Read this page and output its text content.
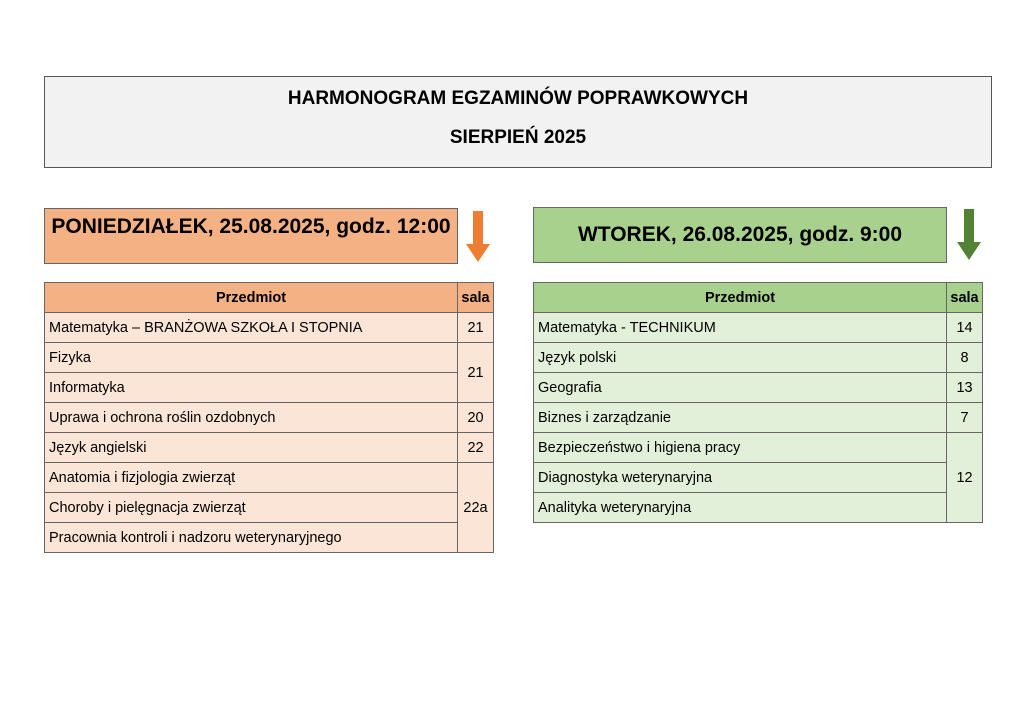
HARMONOGRAM EGZAMINÓW POPRAWKOWYCH
SIERPIEŃ 2025
PONIEDZIAŁEK, 25.08.2025, godz. 12:00	WTOREK, 26.08.2025, godz. 9:00
Przedmiot	sala
Matematyka – BRANŻOWA SZKOŁA I STOPNIA	21
Fizyka	21
Informatyka	
Uprawa i ochrona roślin ozdobnych	20
Język angielski	22
Anatomia i fizjologia zwierząt	22a
Choroby i pielęgnacja zwierząt	
Pracownia kontroli i nadzoru weterynaryjnego	
Przedmiot	sala
Matematyka - TECHNIKUM	14
Język polski	8
Geografia	13
Biznes i zarządzanie	7
Bezpieczeństwo i higiena pracy	12
Diagnostyka weterynaryjna	
Analityka weterynaryjna	
